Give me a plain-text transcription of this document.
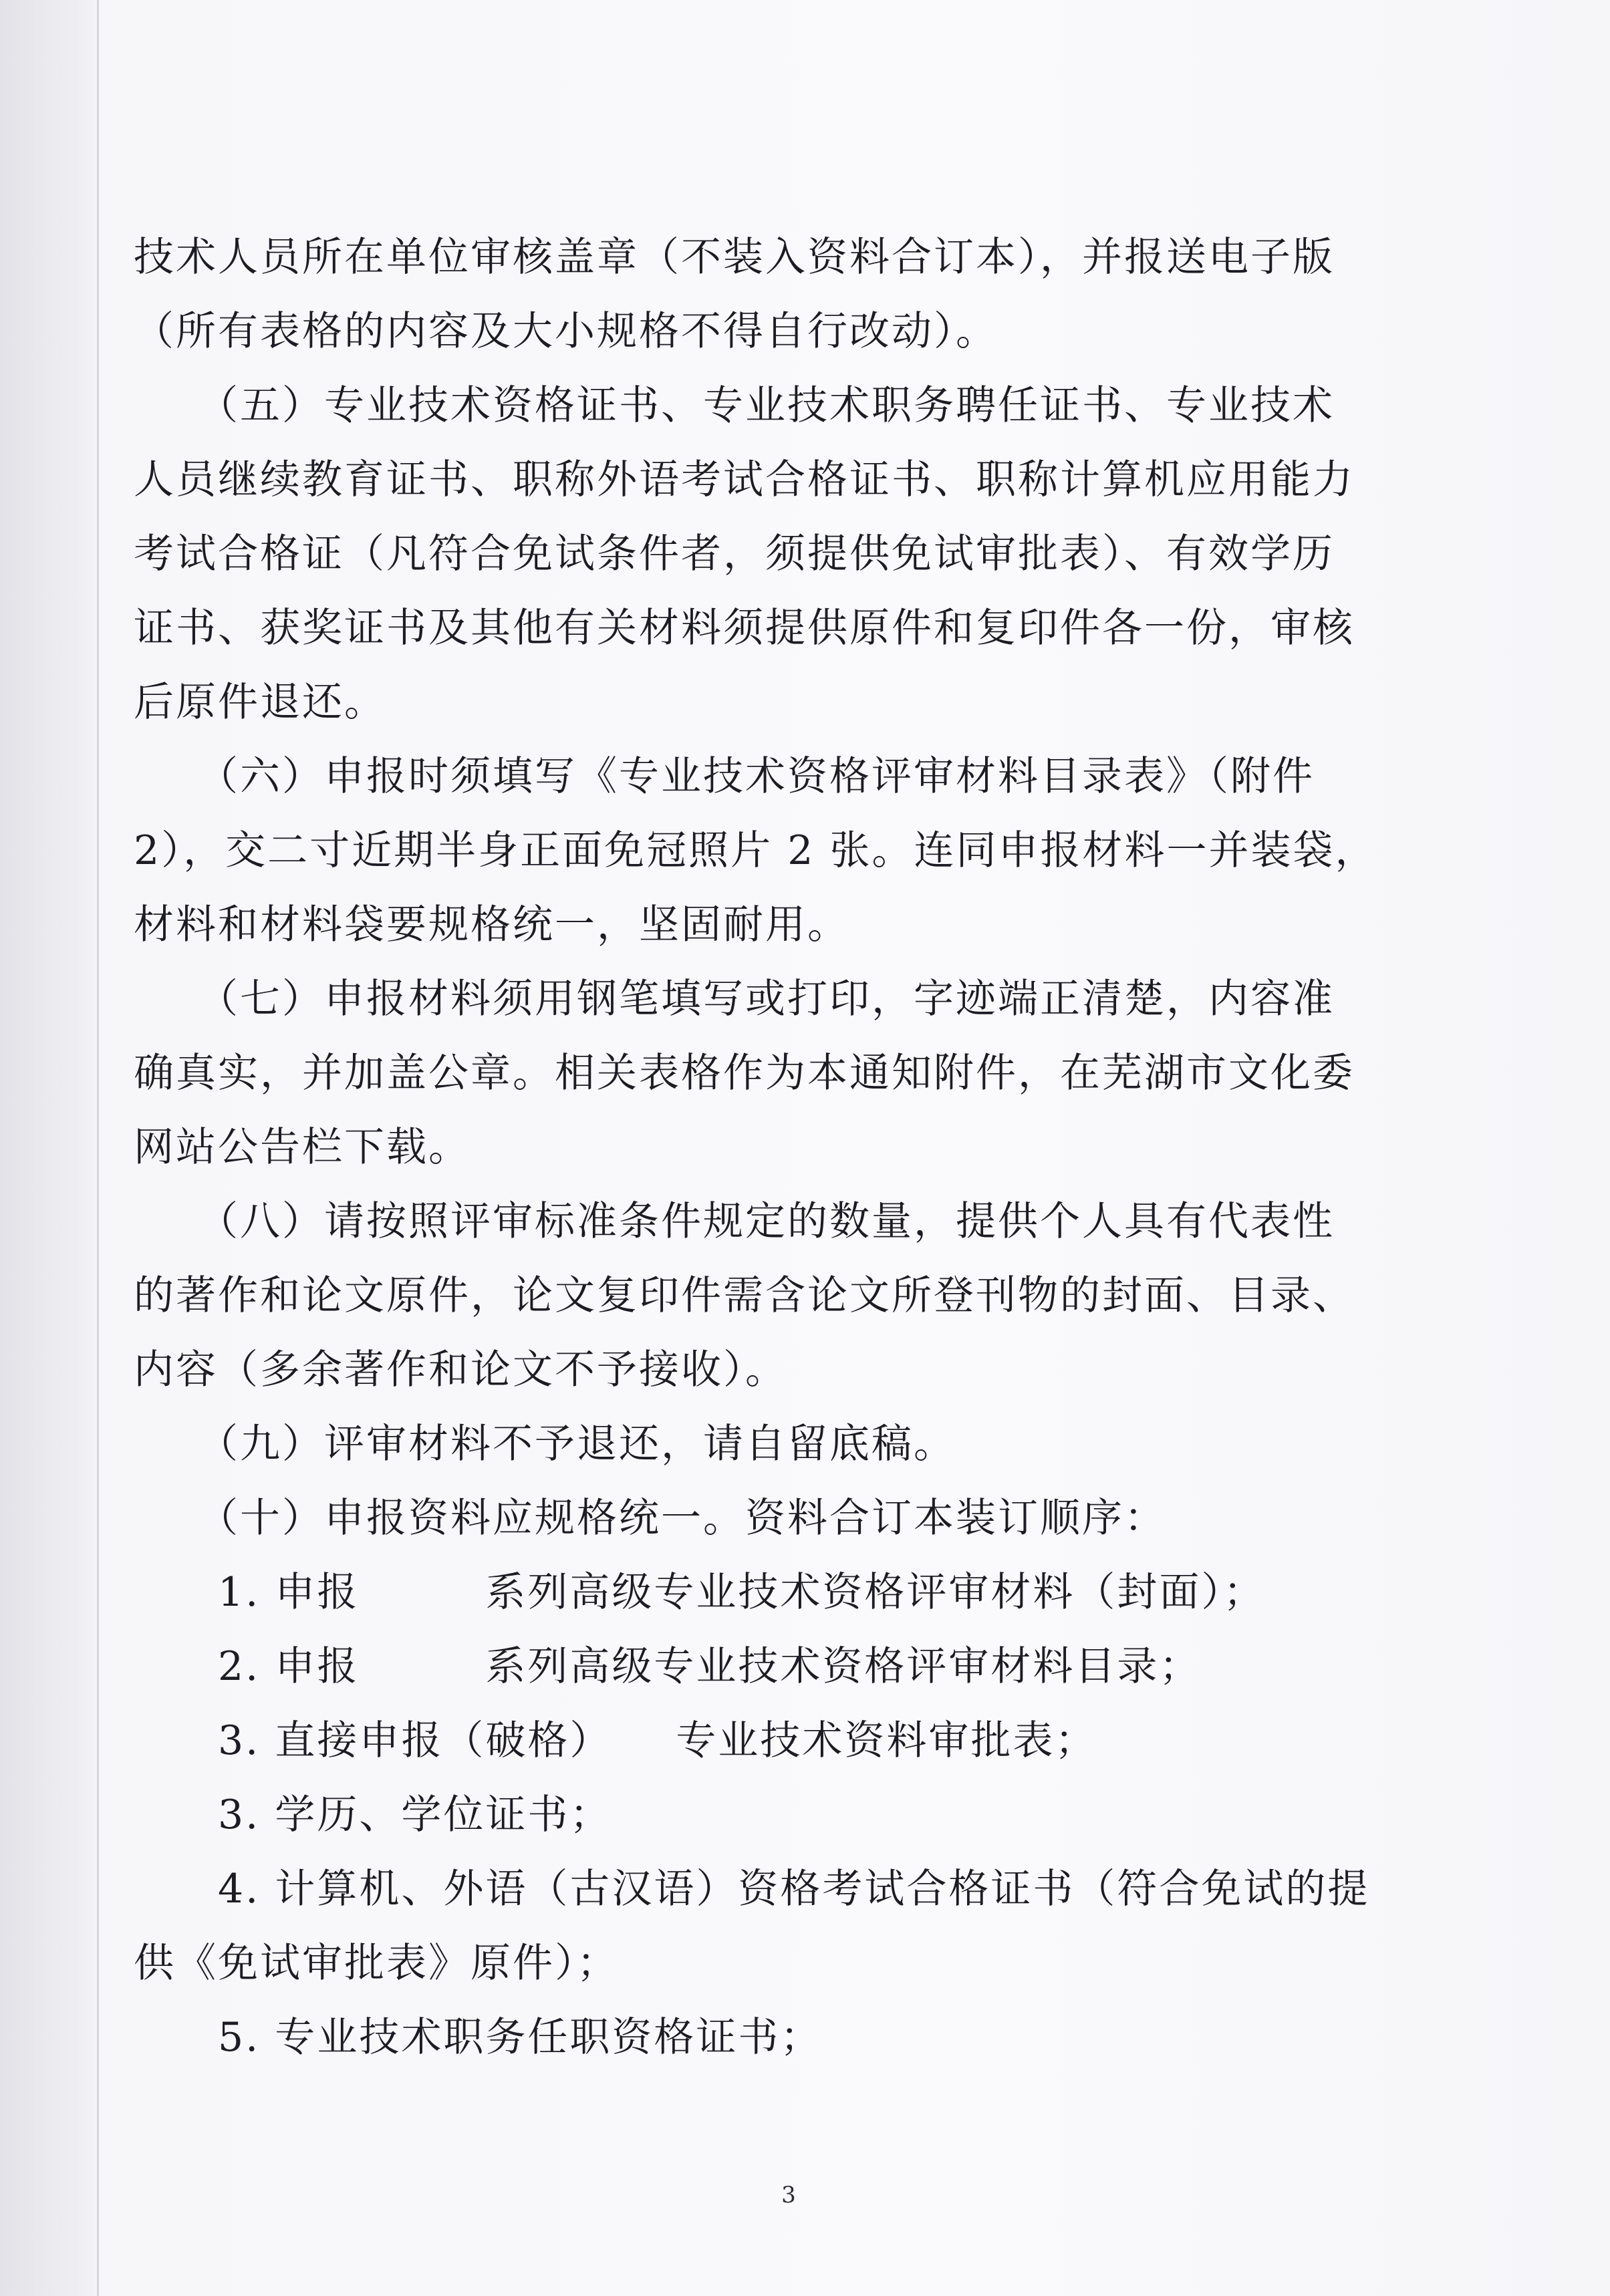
技术人员所在单位审核盖章（不装入资料合订本），并报送电子版

（所有表格的内容及大小规格不得自行改动）。

　　（五）专业技术资格证书、专业技术职务聘任证书、专业技术

人员继续教育证书、职称外语考试合格证书、职称计算机应用能力

考试合格证（凡符合免试条件者，须提供免试审批表）、有效学历

证书、获奖证书及其他有关材料须提供原件和复印件各一份，审核

后原件退还。

　　（六）申报时须填写《专业技术资格评审材料目录表》（附件

2），交二寸近期半身正面免冠照片 2 张。连同申报材料一并装袋，

材料和材料袋要规格统一，坚固耐用。

　　（七）申报材料须用钢笔填写或打印，字迹端正清楚，内容准

确真实，并加盖公章。相关表格作为本通知附件，在芜湖市文化委

网站公告栏下载。

　　（八）请按照评审标准条件规定的数量，提供个人具有代表性

的著作和论文原件，论文复印件需含论文所登刊物的封面、目录、

内容（多余著作和论文不予接收）。

　　（九）评审材料不予退还，请自留底稿。

　　（十）申报资料应规格统一。资料合订本装订顺序：

　　1. 申报　　　系列高级专业技术资格评审材料（封面）；

　　2. 申报　　　系列高级专业技术资格评审材料目录；

　　3. 直接申报（破格）　　专业技术资料审批表；

　　3. 学历、学位证书；

　　4. 计算机、外语（古汉语）资格考试合格证书（符合免试的提

供《免试审批表》原件）；

　　5. 专业技术职务任职资格证书；

3
